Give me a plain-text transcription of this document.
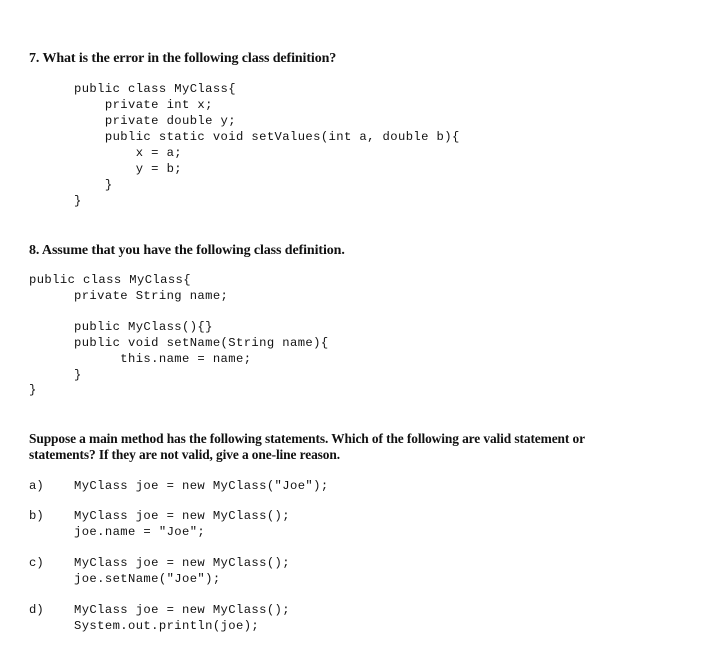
7. What is the error in the following class definition?
public class MyClass{
private int x;
private double y;
public static void setValues(int a, double b){
x = a;
y = b;
}
}
8. Assume that you have the following class definition.
public class MyClass{
private String name;
public MyClass(){}
public void setName(String name){
this.name = name;
}
}
Suppose a main method has the following statements. Which of the following are valid statement or
statements? If they are not valid, give a one-line reason.
a) MyClass joe = new MyClass("Joe");
b) MyClass joe = new MyClass();
joe.name = "Joe";
c) MyClass joe = new MyClass();
joe.setName("Joe");
d) MyClass joe = new MyClass();
System.out.println(joe);
